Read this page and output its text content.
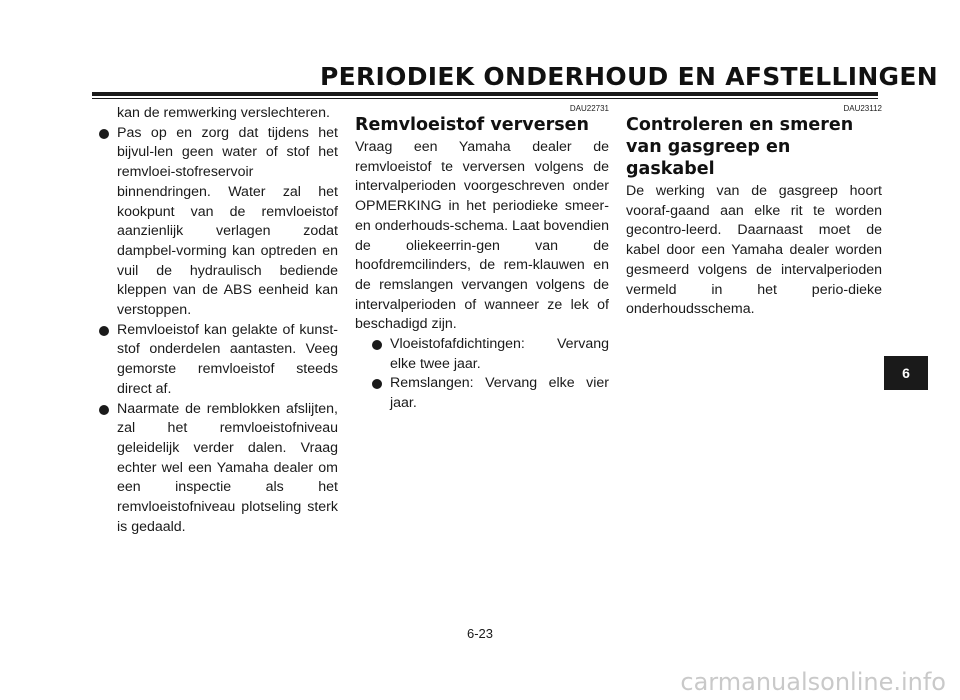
PERIODIEK ONDERHOUD EN AFSTELLINGEN
kan de remwerking verslechteren.
Pas op en zorg dat tijdens het bijvul-len geen water of stof het remvloei-stofreservoir binnendringen. Water zal het kookpunt van de remvloeistof aanzienlijk verlagen zodat dampbel-vorming kan optreden en vuil de hydraulisch bediende kleppen van de ABS eenheid kan verstoppen.
Remvloeistof kan gelakte of kunst-stof onderdelen aantasten. Veeg gemorste remvloeistof steeds direct af.
Naarmate de remblokken afslijten, zal het remvloeistofniveau geleidelijk verder dalen. Vraag echter wel een Yamaha dealer om een inspectie als het remvloeistofniveau plotseling sterk is gedaald.
DAU22731
Remvloeistof verversen
Vraag een Yamaha dealer de remvloeistof te verversen volgens de intervalperioden voorgeschreven onder OPMERKING in het periodieke smeer- en onderhouds-schema. Laat bovendien de oliekeerrin-gen van de hoofdremcilinders, de rem-klauwen en de remslangen vervangen volgens de intervalperioden of wanneer ze lek of beschadigd zijn.
Vloeistofafdichtingen: Vervang elke twee jaar.
Remslangen: Vervang elke vier jaar.
DAU23112
Controleren en smeren van gasgreep en gaskabel
De werking van de gasgreep hoort vooraf-gaand aan elke rit te worden gecontro-leerd. Daarnaast moet de kabel door een Yamaha dealer worden gesmeerd volgens de intervalperioden vermeld in het perio-dieke onderhoudsschema.
6
6-23
carmanualsonline.info
